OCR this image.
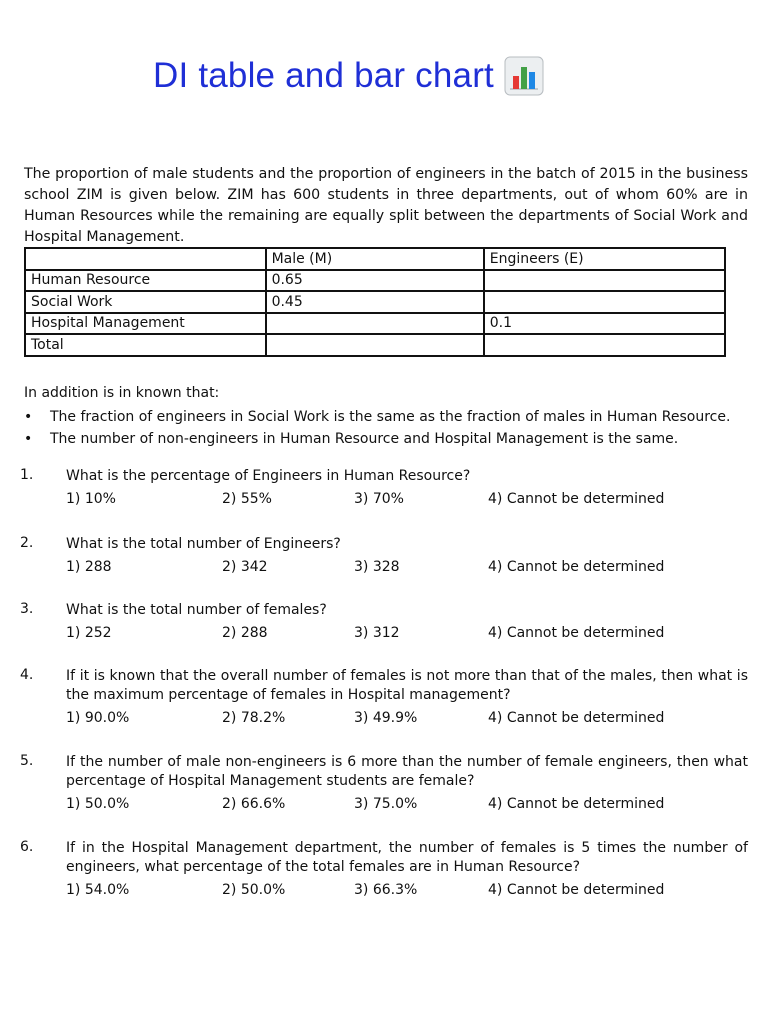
DI table and bar chart

The proportion of male students and the proportion of engineers in the batch of 2015 in the business school ZIM is given below. ZIM has 600 students in three departments, out of whom 60% are in Human Resources while the remaining are equally split between the departments of Social Work and Hospital Management.

	Male (M)	Engineers (E)
Human Resource	0.65	
Social Work	0.45	
Hospital Management		0.1
Total		

In addition is in known that:

• The fraction of engineers in Social Work is the same as the fraction of males in Human Resource.
• The number of non-engineers in Human Resource and Hospital Management is the same.
1.	What is the percentage of Engineers in Human Resource?
1) 10%	2) 55%	3) 70%	4) Cannot be determined
2.	What is the total number of Engineers?
1) 288	2) 342	3) 328	4) Cannot be determined
3.	What is the total number of females?
1) 252	2) 288	3) 312	4) Cannot be determined
4.	If it is known that the overall number of females is not more than that of the males, then what is the maximum percentage of females in Hospital management?
1) 90.0%	2) 78.2%	3) 49.9%	4) Cannot be determined
5.	If the number of male non-engineers is 6 more than the number of female engineers, then what percentage of Hospital Management students are female?
1) 50.0%	2) 66.6%	3) 75.0%	4) Cannot be determined
6.	If in the Hospital Management department, the number of females is 5 times the number of engineers, what percentage of the total females are in Human Resource?
1) 54.0%	2) 50.0%	3) 66.3%	4) Cannot be determined
